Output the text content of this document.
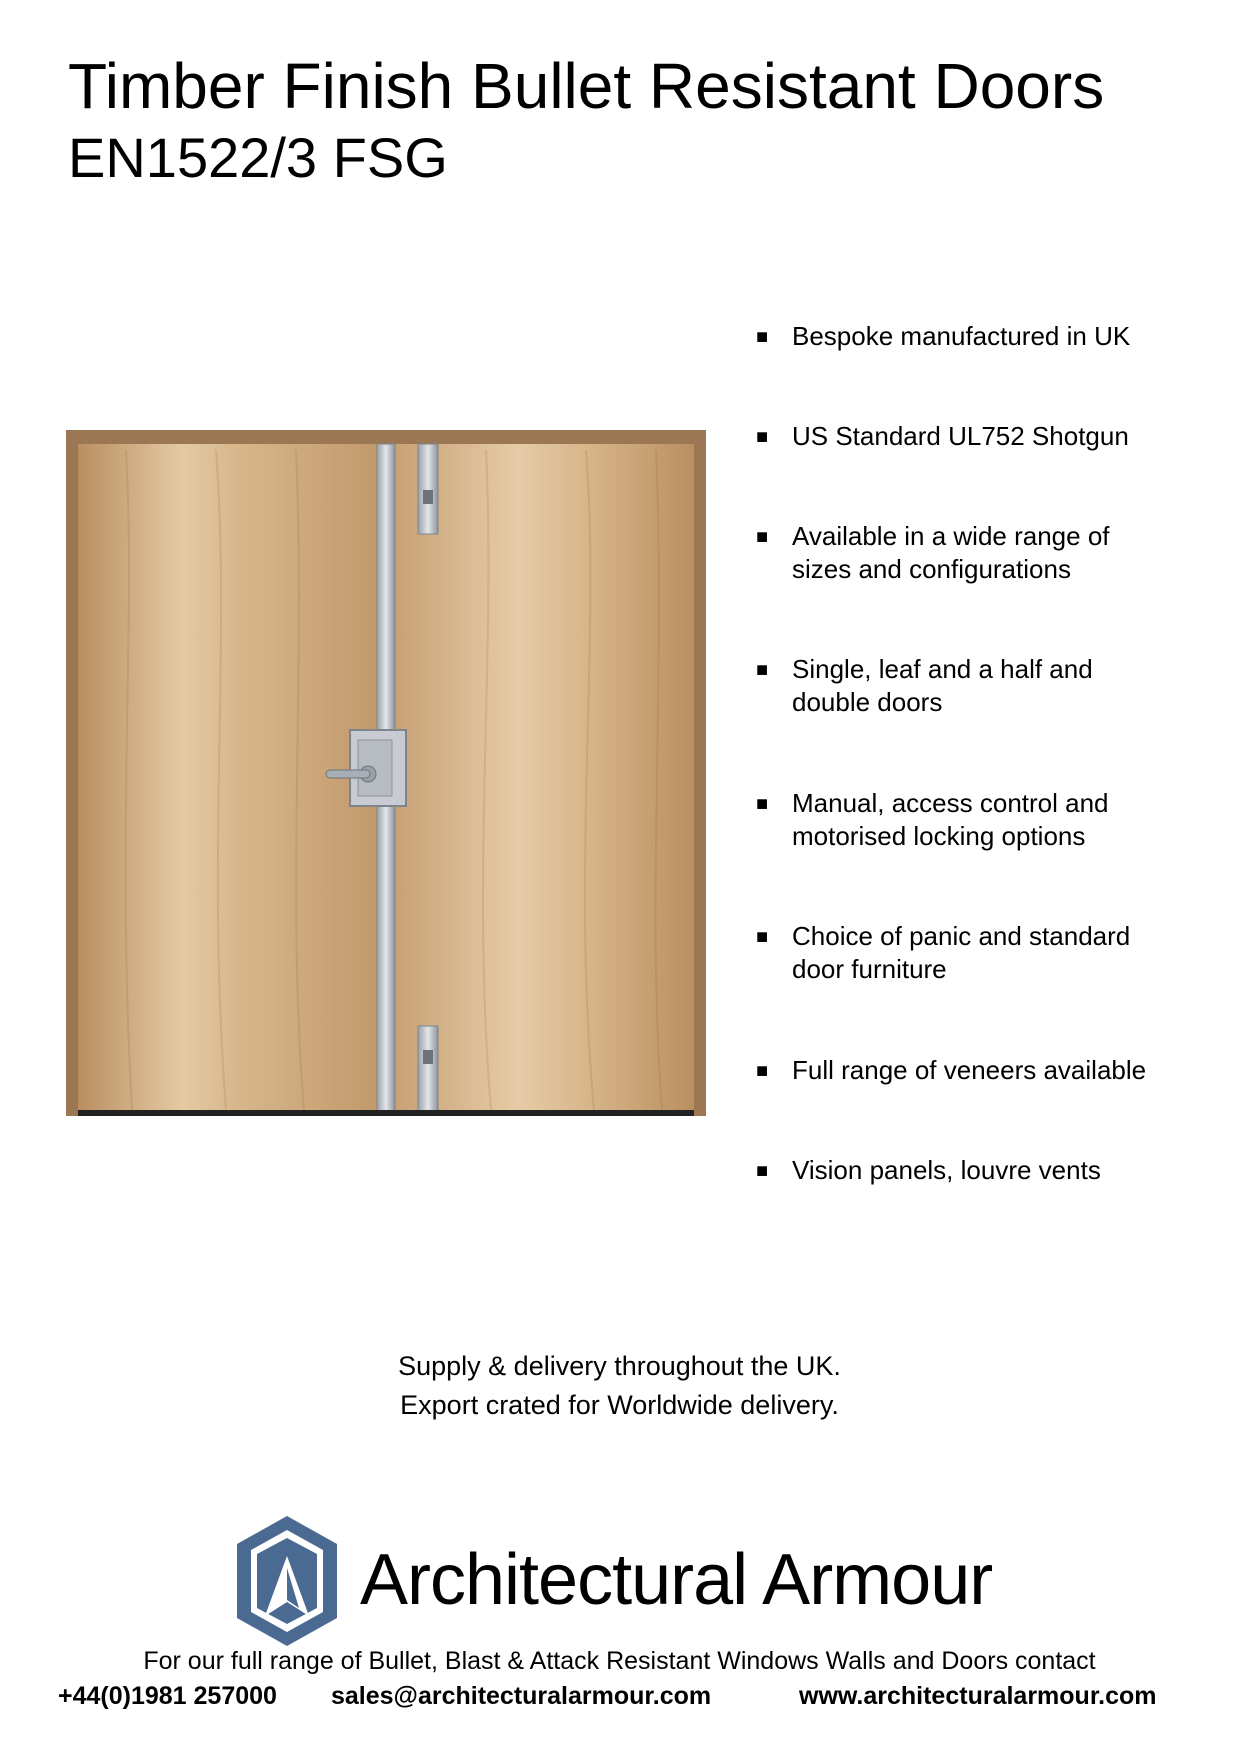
Timber Finish Bullet Resistant Doors
EN1522/3 FSG
■ Bespoke manufactured in UK
■ US Standard UL752 Shotgun
■ Available in a wide range of
sizes and configurations
■ Single, leaf and a half and
double doors
■ Manual, access control and
motorised locking options
■ Choice of panic and standard
door furniture
■ Full range of veneers available
■ Vision panels, louvre vents
Supply & delivery throughout the UK.
Export crated for Worldwide delivery.
Architectural Armour
For our full range of Bullet, Blast & Attack Resistant Windows Walls and Doors contact
+44(0)1981 257000 sales@architecturalarmour.com	www.architecturalarmour.com
